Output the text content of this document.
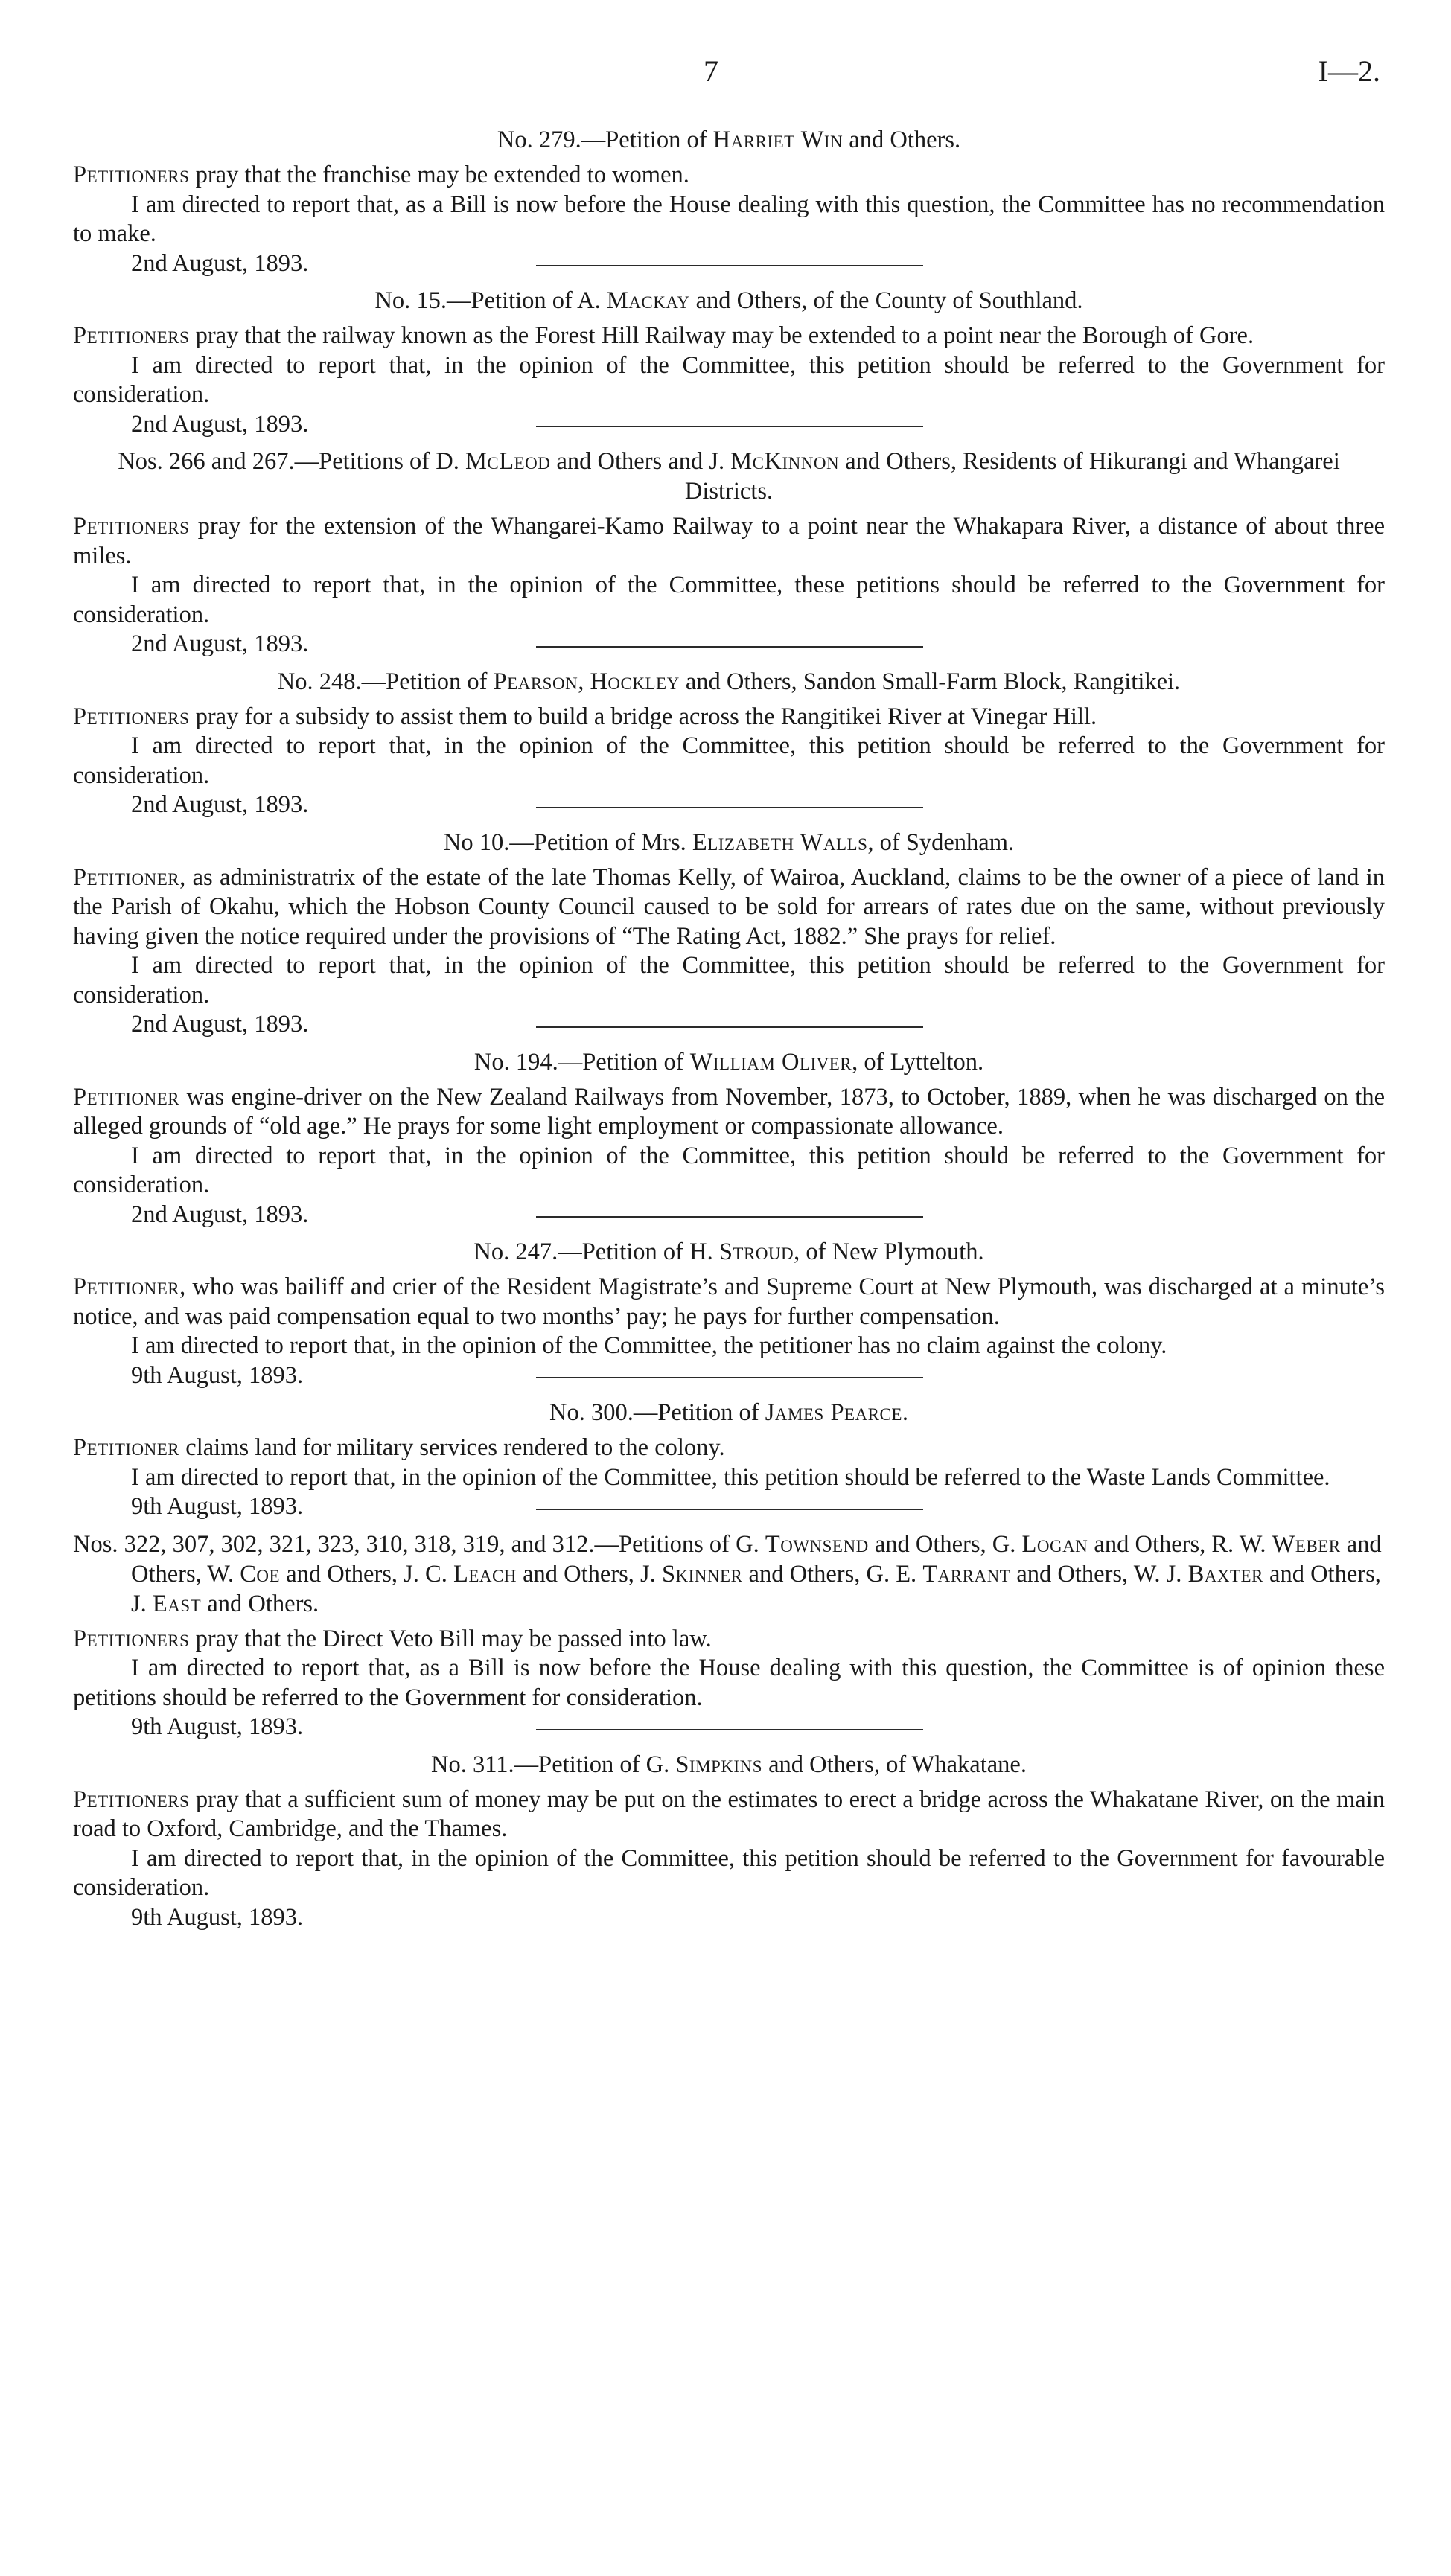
7	I—2.

No. 279.—Petition of Harriet Win and Others.

Petitioners pray that the franchise may be extended to women.

I am directed to report that, as a Bill is now before the House dealing with this question, the Committee has no recommendation to make.

2nd August, 1893.

No. 15.—Petition of A. Mackay and Others, of the County of Southland.

Petitioners pray that the railway known as the Forest Hill Railway may be extended to a point near the Borough of Gore.

I am directed to report that, in the opinion of the Committee, this petition should be referred to the Government for consideration.

2nd August, 1893.

Nos. 266 and 267.—Petitions of D. McLeod and Others and J. McKinnon and Others, Residents of Hikurangi and Whangarei Districts.

Petitioners pray for the extension of the Whangarei-Kamo Railway to a point near the Whakapara River, a distance of about three miles.

I am directed to report that, in the opinion of the Committee, these petitions should be referred to the Government for consideration.

2nd August, 1893.

No. 248.—Petition of Pearson, Hockley and Others, Sandon Small-Farm Block, Rangitikei.

Petitioners pray for a subsidy to assist them to build a bridge across the Rangitikei River at Vinegar Hill.

I am directed to report that, in the opinion of the Committee, this petition should be referred to the Government for consideration.

2nd August, 1893.

No 10.—Petition of Mrs. Elizabeth Walls, of Sydenham.

Petitioner, as administratrix of the estate of the late Thomas Kelly, of Wairoa, Auckland, claims to be the owner of a piece of land in the Parish of Okahu, which the Hobson County Council caused to be sold for arrears of rates due on the same, without previously having given the notice required under the provisions of “The Rating Act, 1882.” She prays for relief.

I am directed to report that, in the opinion of the Committee, this petition should be referred to the Government for consideration.

2nd August, 1893.

No. 194.—Petition of William Oliver, of Lyttelton.

Petitioner was engine-driver on the New Zealand Railways from November, 1873, to October, 1889, when he was discharged on the alleged grounds of “old age.” He prays for some light employment or compassionate allowance.

I am directed to report that, in the opinion of the Committee, this petition should be referred to the Government for consideration.

2nd August, 1893.

No. 247.—Petition of H. Stroud, of New Plymouth.

Petitioner, who was bailiff and crier of the Resident Magistrate’s and Supreme Court at New Plymouth, was discharged at a minute’s notice, and was paid compensation equal to two months’ pay; he pays for further compensation.

I am directed to report that, in the opinion of the Committee, the petitioner has no claim against the colony.

9th August, 1893.

No. 300.—Petition of James Pearce.

Petitioner claims land for military services rendered to the colony.

I am directed to report that, in the opinion of the Committee, this petition should be referred to the Waste Lands Committee.

9th August, 1893.

Nos. 322, 307, 302, 321, 323, 310, 318, 319, and 312.—Petitions of G. Townsend and Others, G. Logan and Others, R. W. Weber and Others, W. Coe and Others, J. C. Leach and Others, J. Skinner and Others, G. E. Tarrant and Others, W. J. Baxter and Others, J. East and Others.

Petitioners pray that the Direct Veto Bill may be passed into law.

I am directed to report that, as a Bill is now before the House dealing with this question, the Committee is of opinion these petitions should be referred to the Government for consideration.

9th August, 1893.

No. 311.—Petition of G. Simpkins and Others, of Whakatane.

Petitioners pray that a sufficient sum of money may be put on the estimates to erect a bridge across the Whakatane River, on the main road to Oxford, Cambridge, and the Thames.

I am directed to report that, in the opinion of the Committee, this petition should be referred to the Government for favourable consideration.

9th August, 1893.
